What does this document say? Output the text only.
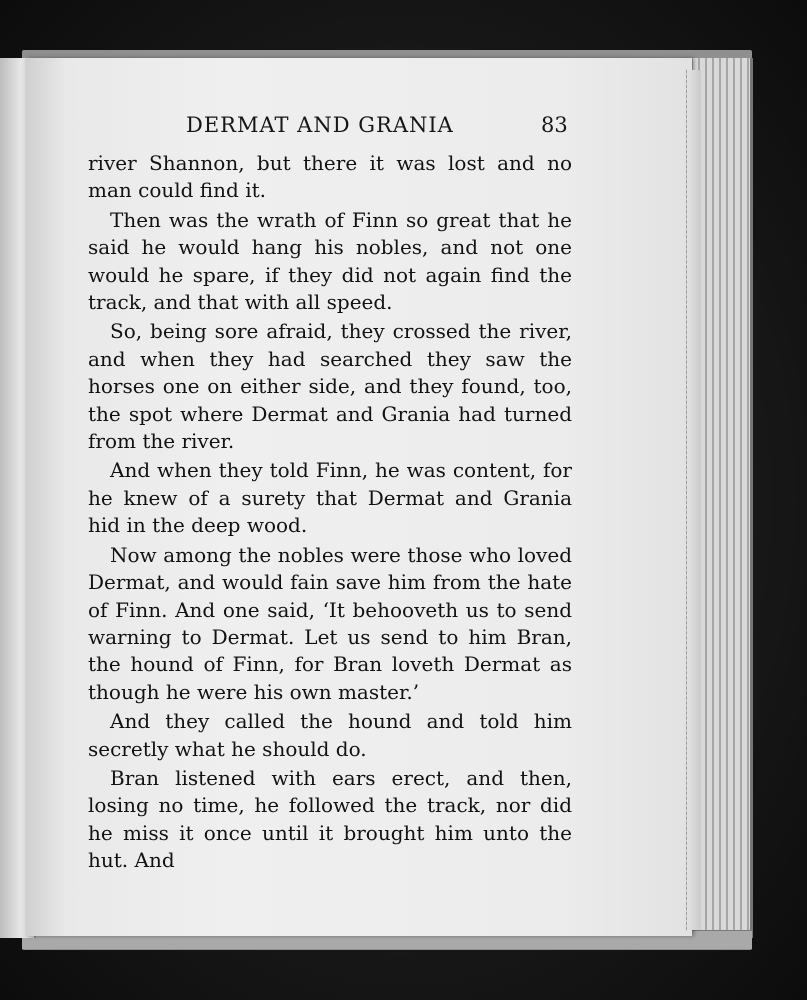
DERMAT AND GRANIA	83

river Shannon, but there it was lost and no man could find it.

Then was the wrath of Finn so great that he said he would hang his nobles, and not one would he spare, if they did not again find the track, and that with all speed.

So, being sore afraid, they crossed the river, and when they had searched they saw the horses one on either side, and they found, too, the spot where Dermat and Grania had turned from the river.

And when they told Finn, he was content, for he knew of a surety that Dermat and Grania hid in the deep wood.

Now among the nobles were those who loved Dermat, and would fain save him from the hate of Finn. And one said, ‘It behooveth us to send warning to Dermat. Let us send to him Bran, the hound of Finn, for Bran loveth Dermat as though he were his own master.’

And they called the hound and told him secretly what he should do.

Bran listened with ears erect, and then, losing no time, he followed the track, nor did he miss it once until it brought him unto the hut. And
